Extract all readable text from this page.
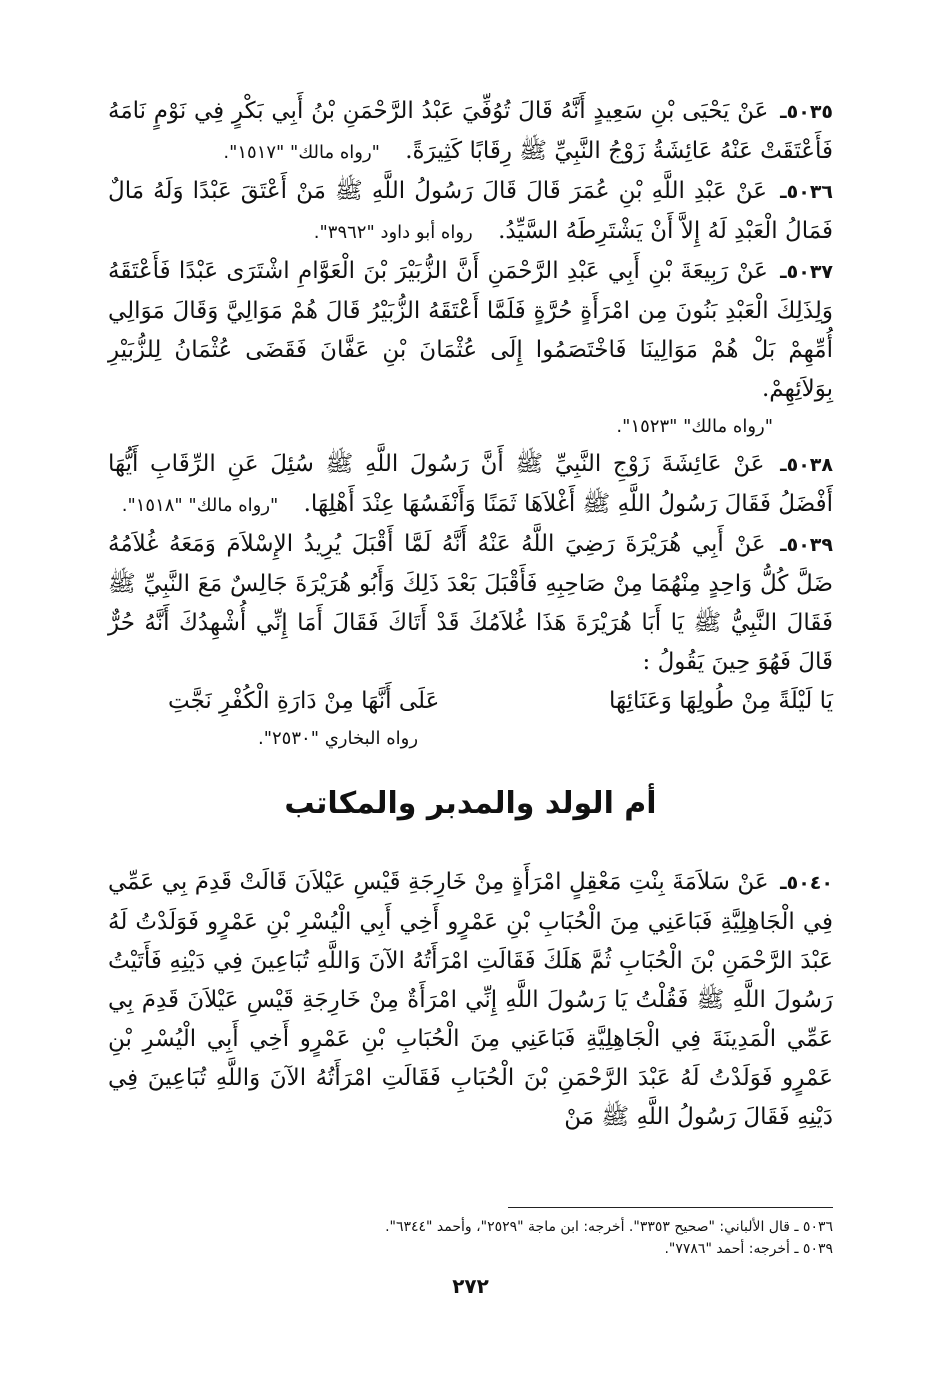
٥٠٣٥ـ عَنْ يَحْيَى بْنِ سَعِيدٍ أَنَّهُ قَالَ تُوُفِّيَ عَبْدُ الرَّحْمَنِ بْنُ أَبِي بَكْرٍ فِي نَوْمٍ نَامَهُ فَأَعْتَقَتْ عَنْهُ عَائِشَةُ زَوْجُ النَّبِيِّ ﷺ رِقَابًا كَثِيرَةً. "رواه مالك" "١٥١٧".

٥٠٣٦ـ عَنْ عَبْدِ اللَّهِ بْنِ عُمَرَ قَالَ قَالَ رَسُولُ اللَّهِ ﷺ مَنْ أَعْتَقَ عَبْدًا وَلَهُ مَالٌ فَمَالُ الْعَبْدِ لَهُ إِلاَّ أَنْ يَشْتَرِطَهُ السَّيِّدُ. رواه أبو داود "٣٩٦٢".

٥٠٣٧ـ عَنْ رَبِيعَةَ بْنِ أَبِي عَبْدِ الرَّحْمَنِ أَنَّ الزُّبَيْرَ بْنَ الْعَوَّامِ اشْتَرَى عَبْدًا فَأَعْتَقَهُ وَلِذَلِكَ الْعَبْدِ بَنُونَ مِن امْرَأَةٍ حُرَّةٍ فَلَمَّا أَعْتَقَهُ الزُّبَيْرُ قَالَ هُمْ مَوَالِيَّ وَقَالَ مَوَالِي أُمِّهِمْ بَلْ هُمْ مَوَالِينَا فَاخْتَصَمُوا إِلَى عُثْمَانَ بْنِ عَفَّانَ فَقَضَى عُثْمَانُ لِلزُّبَيْرِ بِوَلاَئِهِمْ.

"رواه مالك" "١٥٢٣".

٥٠٣٨ـ عَنْ عَائِشَةَ زَوْجِ النَّبِيِّ ﷺ أَنَّ رَسُولَ اللَّهِ ﷺ سُئِلَ عَنِ الرِّقَابِ أَيُّهَا أَفْضَلُ فَقَالَ رَسُولُ اللَّهِ ﷺ أَغْلاَهَا ثَمَنًا وَأَنْفَسُهَا عِنْدَ أَهْلِهَا. "رواه مالك" "١٥١٨".

٥٠٣٩ـ عَنْ أَبِي هُرَيْرَةَ رَضِيَ اللَّهُ عَنْهُ أَنَّهُ لَمَّا أَقْبَلَ يُرِيدُ الإِسْلاَمَ وَمَعَهُ غُلاَمُهُ ضَلَّ كُلُّ وَاحِدٍ مِنْهُمَا مِنْ صَاحِبِهِ فَأَقْبَلَ بَعْدَ ذَلِكَ وَأَبُو هُرَيْرَةَ جَالِسٌ مَعَ النَّبِيِّ ﷺ فَقَالَ النَّبِيُّ ﷺ يَا أَبَا هُرَيْرَةَ هَذَا غُلاَمُكَ قَدْ أَتَاكَ فَقَالَ أَمَا إِنِّي أُشْهِدُكَ أَنَّهُ حُرٌّ قَالَ فَهُوَ حِينَ يَقُولُ :

يَا لَيْلَةً مِنْ طُولِهَا وَعَنَائِهَا
عَلَى أَنَّهَا مِنْ دَارَةِ الْكُفْرِ نَجَّتِ

رواه البخاري "٢٥٣٠".

أم الولد والمدبر والمكاتب

٥٠٤٠ـ عَنْ سَلاَمَةَ بِنْتِ مَعْقِلٍ امْرَأَةٍ مِنْ خَارِجَةِ قَيْسِ عَيْلاَنَ قَالَتْ قَدِمَ بِي عَمِّي فِي الْجَاهِلِيَّةِ فَبَاعَنِي مِنَ الْحُبَابِ بْنِ عَمْرٍو أَخِي أَبِي الْيُسْرِ بْنِ عَمْرٍو فَوَلَدْتُ لَهُ عَبْدَ الرَّحْمَنِ بْنَ الْحُبَابِ ثُمَّ هَلَكَ فَقَالَتِ امْرَأَتُهُ الآنَ وَاللَّهِ تُبَاعِينَ فِي دَيْنِهِ فَأَتَيْتُ رَسُولَ اللَّهِ ﷺ فَقُلْتُ يَا رَسُولَ اللَّهِ إِنِّي امْرَأَةٌ مِنْ خَارِجَةِ قَيْسِ عَيْلاَنَ قَدِمَ بِي عَمِّي الْمَدِينَةَ فِي الْجَاهِلِيَّةِ فَبَاعَنِي مِنَ الْحُبَابِ بْنِ عَمْرٍو أَخِي أَبِي الْيُسْرِ بْنِ عَمْرٍو فَوَلَدْتُ لَهُ عَبْدَ الرَّحْمَنِ بْنَ الْحُبَابِ فَقَالَتِ امْرَأَتُهُ الآنَ وَاللَّهِ تُبَاعِينَ فِي دَيْنِهِ فَقَالَ رَسُولُ اللَّهِ ﷺ مَنْ

٥٠٣٦ ـ قال الألباني: "صحيح ٣٣٥٣". أخرجه: ابن ماجة "٢٥٢٩"، وأحمد "٦٣٤٤".

٥٠٣٩ ـ أخرجه: أحمد "٧٧٨٦".

٢٧٢
